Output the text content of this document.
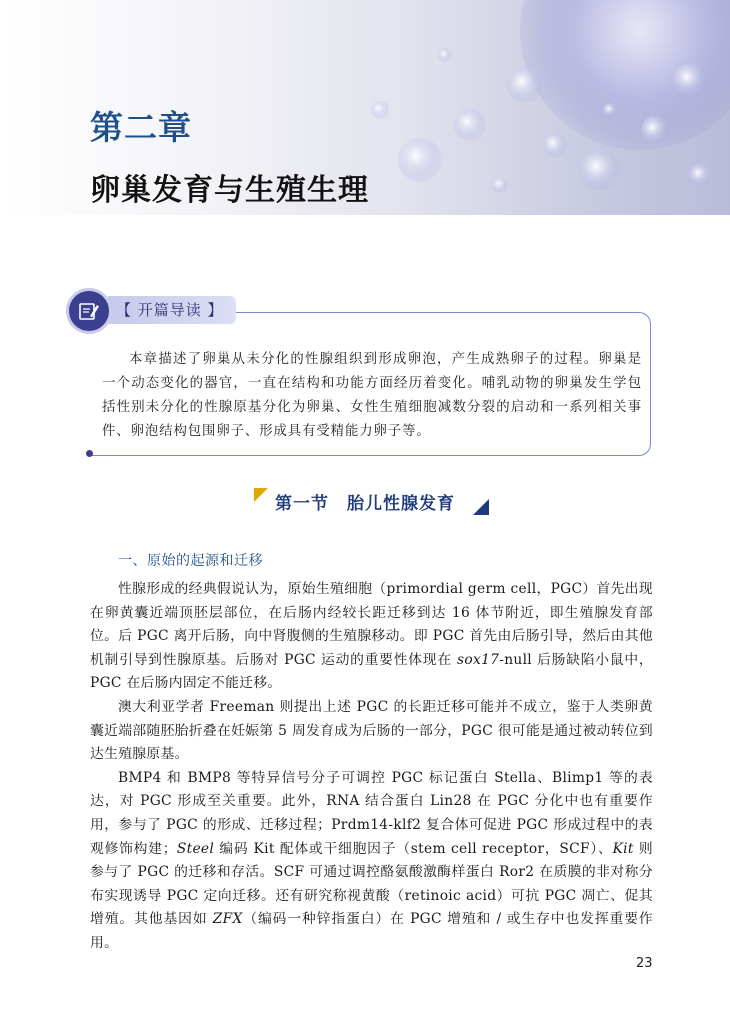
第二章
卵巢发育与生殖生理
【 开篇导读 】

本章描述了卵巢从未分化的性腺组织到形成卵泡，产生成熟卵子的过程。卵巢是一个动态变化的器官，一直在结构和功能方面经历着变化。哺乳动物的卵巢发生学包括性别未分化的性腺原基分化为卵巢、女性生殖细胞减数分裂的启动和一系列相关事件、卵泡结构包围卵子、形成具有受精能力卵子等。

第一节　胎儿性腺发育
一、原始的起源和迁移

性腺形成的经典假说认为，原始生殖细胞（primordial germ cell，PGC）首先出现在卵黄囊近端顶胚层部位，在后肠内经较长距迁移到达 16 体节附近，即生殖腺发育部位。后 PGC 离开后肠，向中肾腹侧的生殖腺移动。即 PGC 首先由后肠引导，然后由其他机制引导到性腺原基。后肠对 PGC 运动的重要性体现在 sox17-null 后肠缺陷小鼠中，PGC 在后肠内固定不能迁移。

澳大利亚学者 Freeman 则提出上述 PGC 的长距迁移可能并不成立，鉴于人类卵黄囊近端部随胚胎折叠在妊娠第 5 周发育成为后肠的一部分，PGC 很可能是通过被动转位到达生殖腺原基。

BMP4 和 BMP8 等特异信号分子可调控 PGC 标记蛋白 Stella、Blimp1 等的表达，对 PGC 形成至关重要。此外，RNA 结合蛋白 Lin28 在 PGC 分化中也有重要作用，参与了 PGC 的形成、迁移过程；Prdm14-klf2 复合体可促进 PGC 形成过程中的表观修饰构建；Steel 编码 Kit 配体或干细胞因子（stem cell receptor，SCF）、Kit 则参与了 PGC 的迁移和存活。SCF 可通过调控酪氨酸激酶样蛋白 Ror2 在质膜的非对称分布实现诱导 PGC 定向迁移。还有研究称视黄酸（retinoic acid）可抗 PGC 凋亡、促其增殖。其他基因如 ZFX（编码一种锌指蛋白）在 PGC 增殖和 / 或生存中也发挥重要作用。

23
